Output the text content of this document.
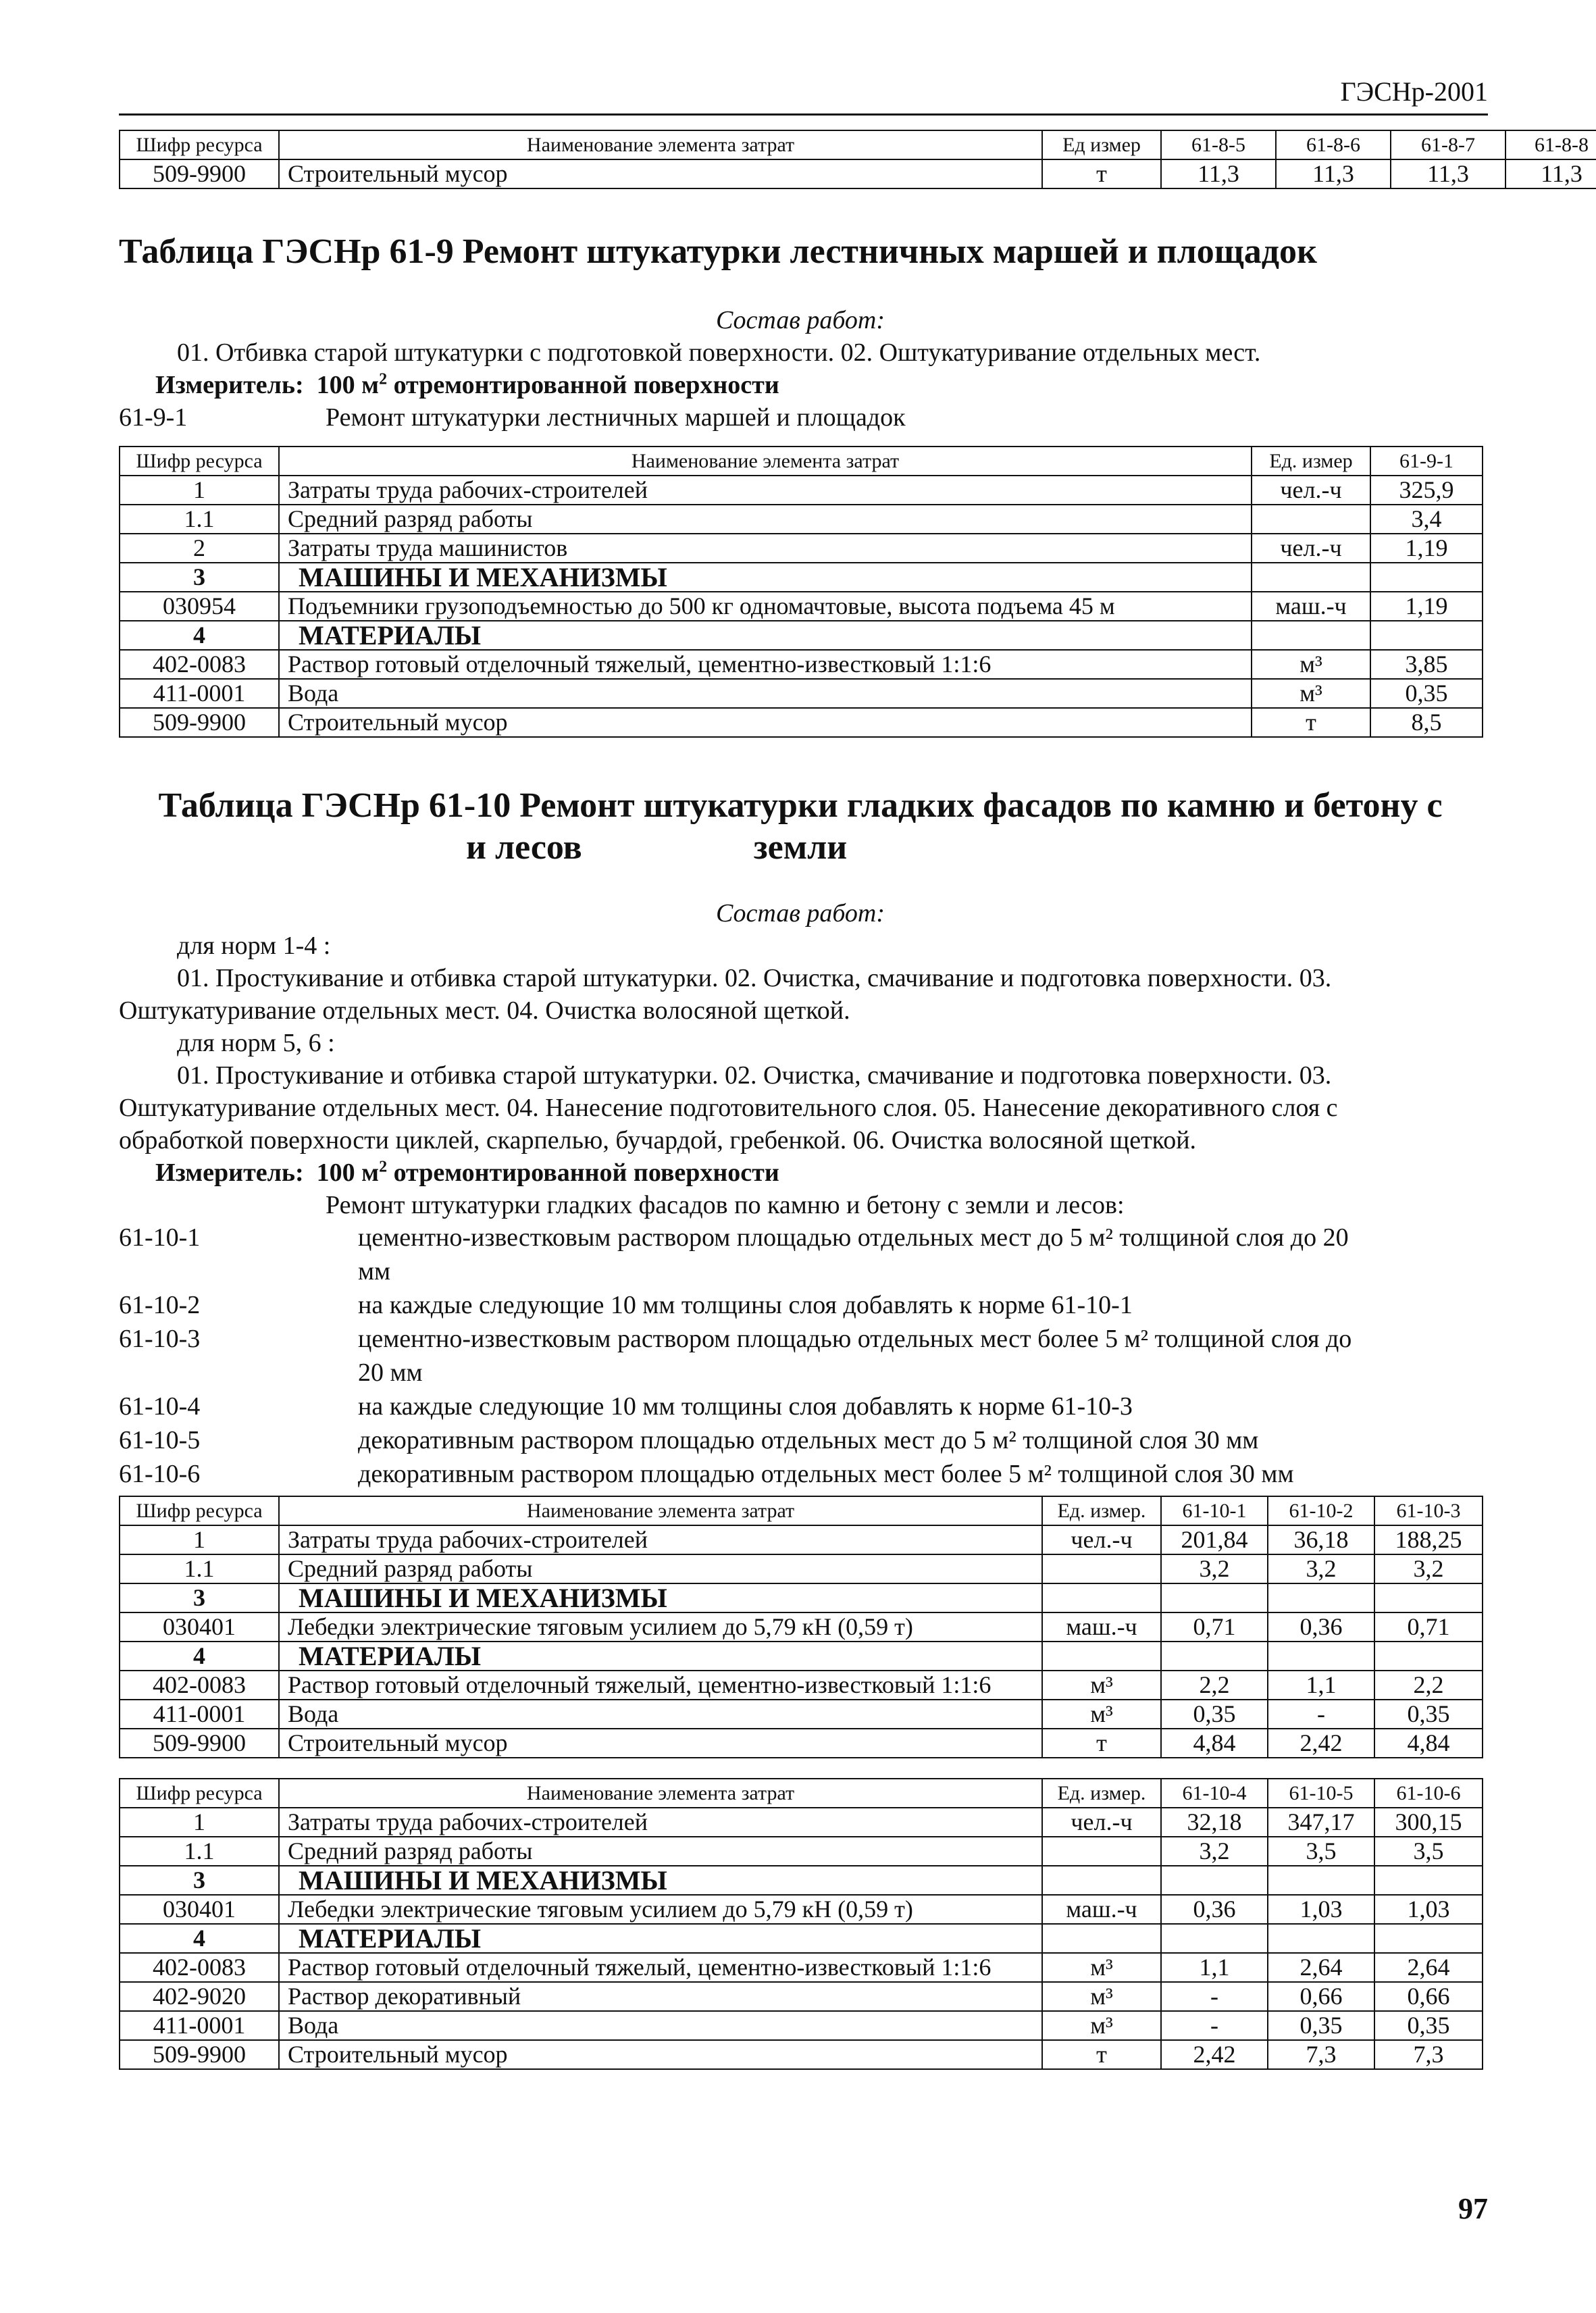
ГЭСНр-2001
Шифр ресурса	Наименование элемента затрат	Ед измер	61-8-5	61-8-6	61-8-7	61-8-8
509-9900	Строительный мусор	т	11,3	11,3	11,3	11,3
Таблица ГЭСНр 61-9 Ремонт штукатурки лестничных маршей и площадок
Состав работ:
01. Отбивка старой штукатурки с подготовкой поверхности. 02. Оштукатуривание отдельных мест.
Измеритель: 100 $м^2$ отремонтированной поверхности
61-9-1	Ремонт штукатурки лестничных маршей и площадок
Шифр ресурса	Наименование элемента затрат	Ед. измер	61-9-1
1	Затраты труда рабочих-строителей	чел.-ч	325,9
1.1	Средний разряд работы		3,4
2	Затраты труда машинистов	чел.-ч	1,19
3	МАШИНЫ И МЕХАНИЗМЫ		
030954	Подъемники грузоподъемностью до 500 кг одномачтовые, высота подъема 45 м	маш.-ч	1,19
4	МАТЕРИАЛЫ		
402-0083	Раствор готовый отделочный тяжелый, цементно-известковый 1:1:6	м³	3,85
411-0001	Вода	м³	0,35
509-9900	Строительный мусор	т	8,5
Таблица ГЭСНр 61-10 Ремонт штукатурки гладких фасадов по камню и бетону с земли
и лесов
Состав работ:
для норм 1-4 :
01. Простукивание и отбивка старой штукатурки. 02. Очистка, смачивание и подготовка поверхности. 03.
Оштукатуривание отдельных мест. 04. Очистка волосяной щеткой.
для норм 5, 6 :
01. Простукивание и отбивка старой штукатурки. 02. Очистка, смачивание и подготовка поверхности. 03.
Оштукатуривание отдельных мест. 04. Нанесение подготовительного слоя. 05. Нанесение декоративного слоя с
обработкой поверхности циклей, скарпелью, бучардой, гребенкой. 06. Очистка волосяной щеткой.
Измеритель: 100 $м^2$ отремонтированной поверхности
Ремонт штукатурки гладких фасадов по камню и бетону с земли и лесов:
61-10-1	цементно-известковым раствором площадью отдельных мест до 5 м² толщиной слоя до 20
мм
61-10-2	на каждые следующие 10 мм толщины слоя добавлять к норме 61-10-1
61-10-3	цементно-известковым раствором площадью отдельных мест более 5 м² толщиной слоя до
20 мм
61-10-4	на каждые следующие 10 мм толщины слоя добавлять к норме 61-10-3
61-10-5	декоративным раствором площадью отдельных мест до 5 м² толщиной слоя 30 мм
61-10-6	декоративным раствором площадью отдельных мест более 5 м² толщиной слоя 30 мм
Шифр ресурса	Наименование элемента затрат	Ед. измер.	61-10-1	61-10-2	61-10-3
1	Затраты труда рабочих-строителей	чел.-ч	201,84	36,18	188,25
1.1	Средний разряд работы		3,2	3,2	3,2
3	МАШИНЫ И МЕХАНИЗМЫ				
030401	Лебедки электрические тяговым усилием до 5,79 кН (0,59 т)	маш.-ч	0,71	0,36	0,71
4	МАТЕРИАЛЫ				
402-0083	Раствор готовый отделочный тяжелый, цементно-известковый 1:1:6	м³	2,2	1,1	2,2
411-0001	Вода	м³	0,35	-	0,35
509-9900	Строительный мусор	т	4,84	2,42	4,84
Шифр ресурса	Наименование элемента затрат	Ед. измер.	61-10-4	61-10-5	61-10-6
1	Затраты труда рабочих-строителей	чел.-ч	32,18	347,17	300,15
1.1	Средний разряд работы		3,2	3,5	3,5
3	МАШИНЫ И МЕХАНИЗМЫ				
030401	Лебедки электрические тяговым усилием до 5,79 кН (0,59 т)	маш.-ч	0,36	1,03	1,03
4	МАТЕРИАЛЫ				
402-0083	Раствор готовый отделочный тяжелый, цементно-известковый 1:1:6	м³	1,1	2,64	2,64
402-9020	Раствор декоративный	м³	-	0,66	0,66
411-0001	Вода	м³	-	0,35	0,35
509-9900	Строительный мусор	т	2,42	7,3	7,3
97
